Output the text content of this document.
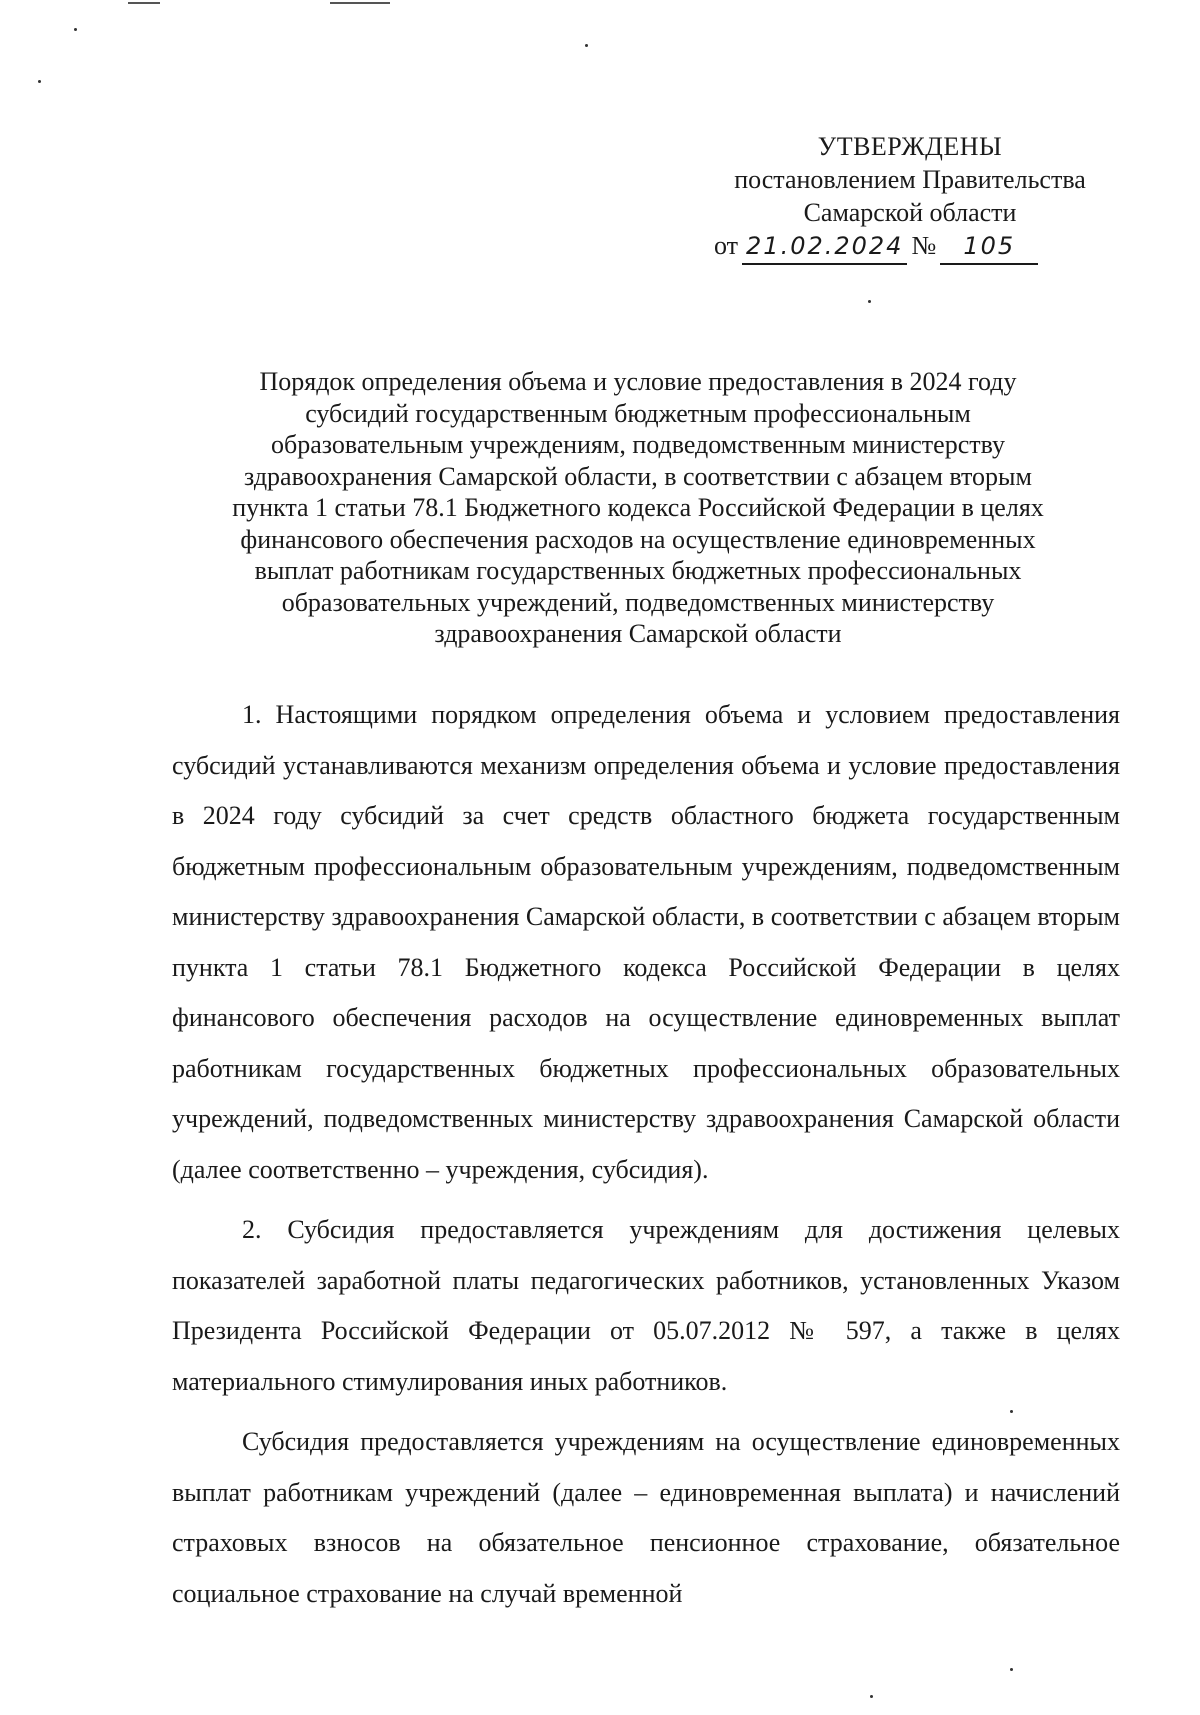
УТВЕРЖДЕНЫ
постановлением Правительства
Самарской области
от 21.02.2024 № 105
Порядок определения объема и условие предоставления в 2024 году
субсидий государственным бюджетным профессиональным
образовательным учреждениям, подведомственным министерству
здравоохранения Самарской области, в соответствии с абзацем вторым
пункта 1 статьи 78.1 Бюджетного кодекса Российской Федерации в целях
финансового обеспечения расходов на осуществление единовременных
выплат работникам государственных бюджетных профессиональных
образовательных учреждений, подведомственных министерству
здравоохранения Самарской области

1. Настоящими порядком определения объема и условием предоставления субсидий устанавливаются механизм определения объема и условие предоставления в 2024 году субсидий за счет средств областного бюджета государственным бюджетным профессиональным образовательным учреждениям, подведомственным министерству здравоохранения Самарской области, в соответствии с абзацем вторым пункта 1 статьи 78.1 Бюджетного кодекса Российской Федерации в целях финансового обеспечения расходов на осуществление единовременных выплат работникам государственных бюджетных профессиональных образовательных учреждений, подведомственных министерству здравоохранения Самарской области (далее соответственно – учреждения, субсидия).

2. Субсидия предоставляется учреждениям для достижения целевых показателей заработной платы педагогических работников, установленных Указом Президента Российской Федерации от 05.07.2012 № 597, а также в целях материального стимулирования иных работников.

Субсидия предоставляется учреждениям на осуществление единовременных выплат работникам учреждений (далее – единовременная выплата) и начислений страховых взносов на обязательное пенсионное страхование, обязательное социальное страхование на случай временной
